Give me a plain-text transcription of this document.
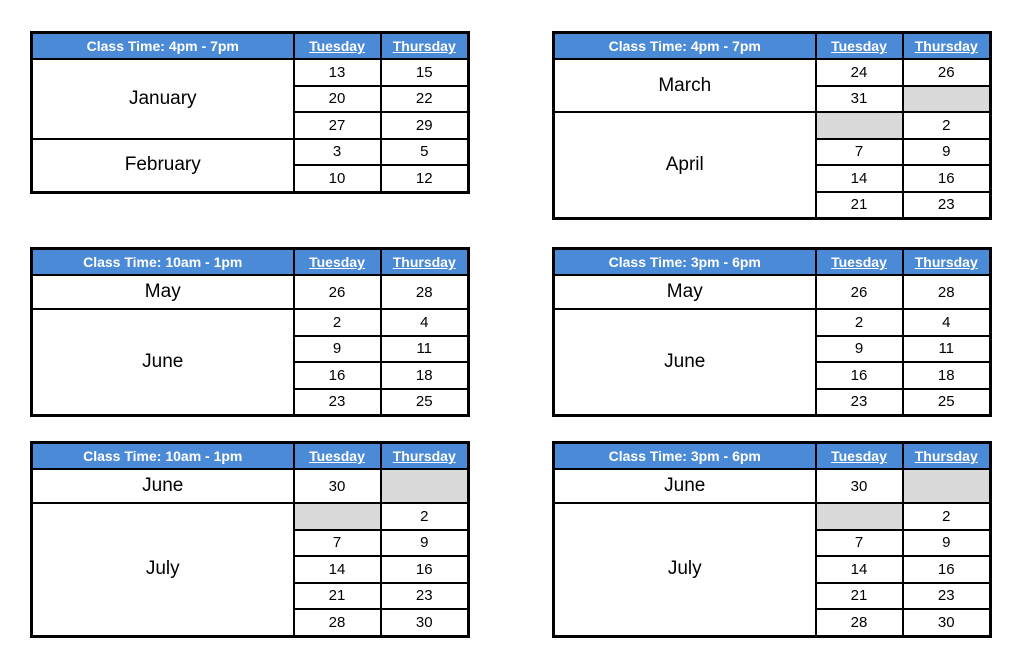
Class Time: 4pm - 7pm	Tuesday	Thursday
January	13	15
	20	22
	27	29
February	3	5
	10	12
Class Time: 4pm - 7pm	Tuesday	Thursday
March	24	26
	31	
April		2
	7	9
	14	16
	21	23
Class Time: 10am - 1pm	Tuesday	Thursday
May	26	28
June	2	4
	9	11
	16	18
	23	25
Class Time: 3pm - 6pm	Tuesday	Thursday
May	26	28
June	2	4
	9	11
	16	18
	23	25
Class Time: 10am - 1pm	Tuesday	Thursday
June	30	
July		2
	7	9
	14	16
	21	23
	28	30
Class Time: 3pm - 6pm	Tuesday	Thursday
June	30	
July		2
	7	9
	14	16
	21	23
	28	30
